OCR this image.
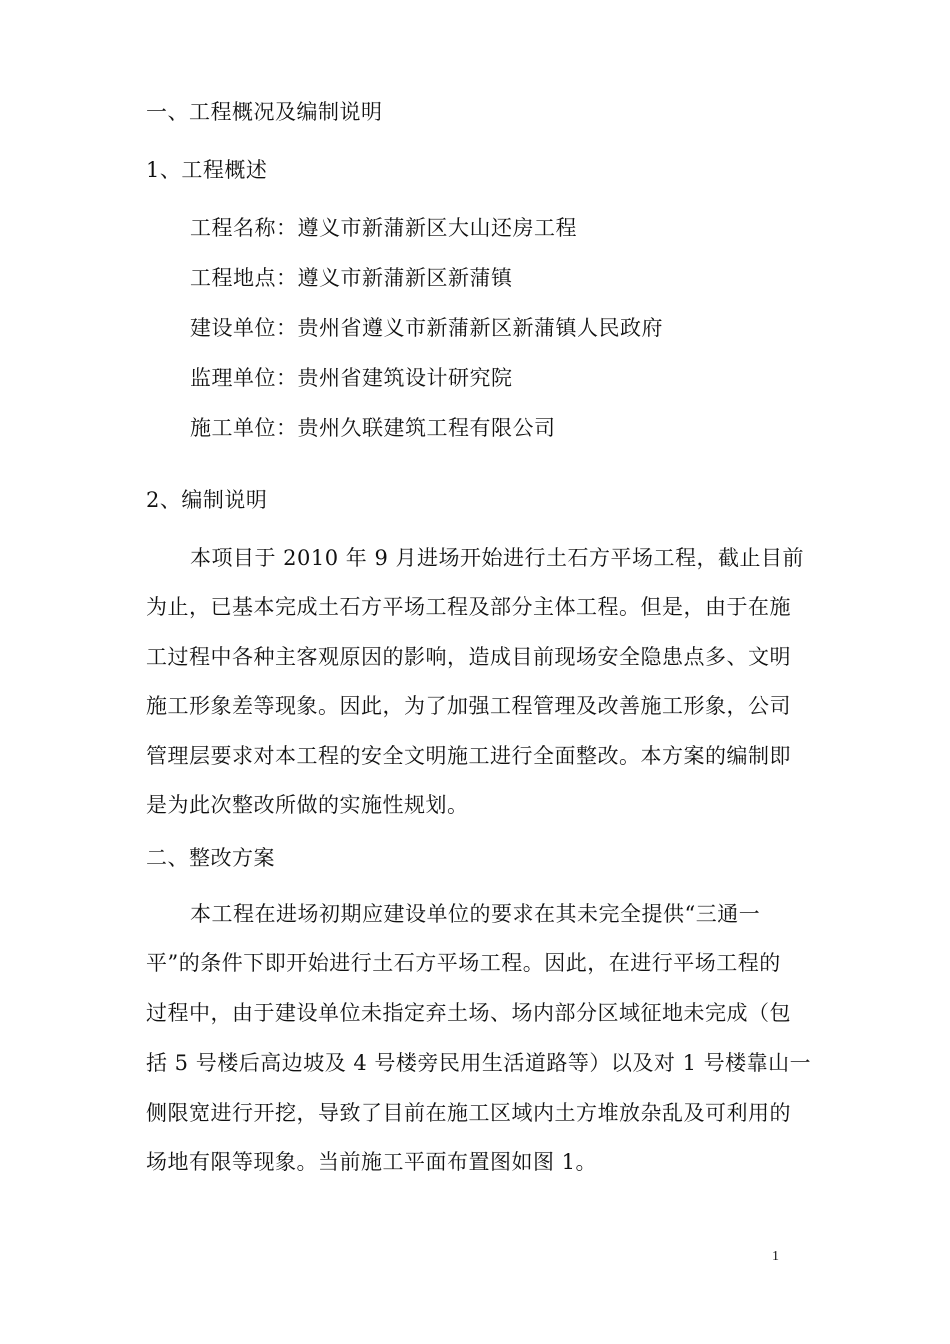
一、工程概况及编制说明
1、工程概述
工程名称：遵义市新蒲新区大山还房工程
工程地点：遵义市新蒲新区新蒲镇
建设单位：贵州省遵义市新蒲新区新蒲镇人民政府
监理单位：贵州省建筑设计研究院
施工单位：贵州久联建筑工程有限公司
2、编制说明
本项目于 2010 年 9 月进场开始进行土石方平场工程，截止目前
为止，已基本完成土石方平场工程及部分主体工程。但是，由于在施
工过程中各种主客观原因的影响，造成目前现场安全隐患点多、文明
施工形象差等现象。因此，为了加强工程管理及改善施工形象，公司
管理层要求对本工程的安全文明施工进行全面整改。本方案的编制即
是为此次整改所做的实施性规划。
二、整改方案
本工程在进场初期应建设单位的要求在其未完全提供“三通一
平”的条件下即开始进行土石方平场工程。因此，在进行平场工程的
过程中，由于建设单位未指定弃土场、场内部分区域征地未完成（包
括 5 号楼后高边坡及 4 号楼旁民用生活道路等）以及对 1 号楼靠山一
侧限宽进行开挖，导致了目前在施工区域内土方堆放杂乱及可利用的
场地有限等现象。当前施工平面布置图如图 1。
1
